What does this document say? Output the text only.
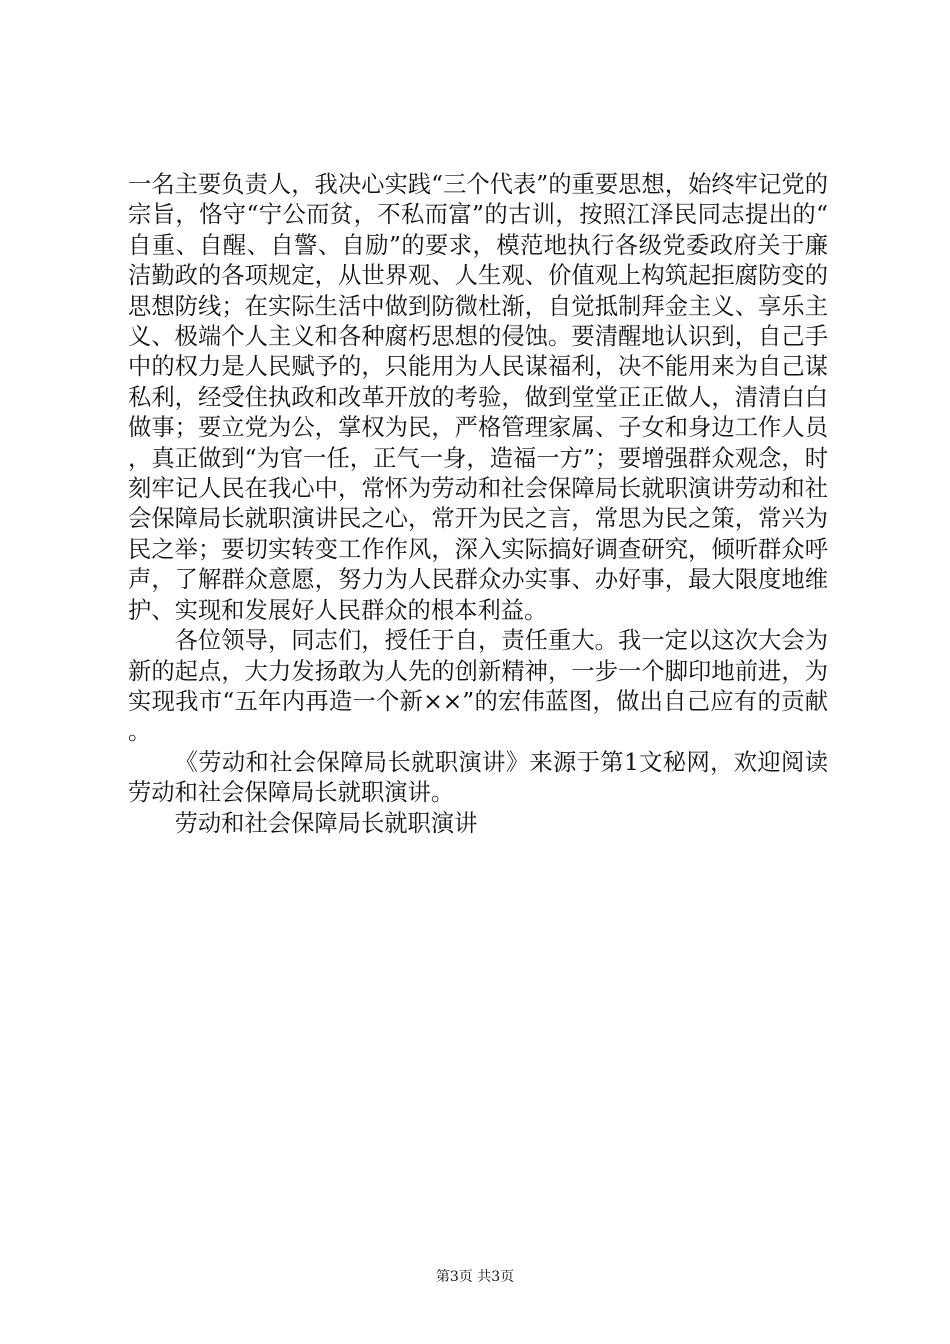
一名主要负责人，我决心实践“三个代表”的重要思想，始终牢记党的宗旨，恪守“宁公而贫，不私而富”的古训，按照江泽民同志提出的“自重、自醒、自警、自励”的要求，模范地执行各级党委政府关于廉洁勤政的各项规定，从世界观、人生观、价值观上构筑起拒腐防变的思想防线；在实际生活中做到防微杜渐，自觉抵制拜金主义、享乐主义、极端个人主义和各种腐朽思想的侵蚀。要清醒地认识到，自己手中的权力是人民赋予的，只能用为人民谋福利，决不能用来为自己谋私利，经受住执政和改革开放的考验，做到堂堂正正做人，清清白白做事；要立党为公，掌权为民，严格管理家属、子女和身边工作人员，真正做到“为官一任，正气一身，造福一方”；要增强群众观念，时刻牢记人民在我心中，常怀为劳动和社会保障局长就职演讲劳动和社会保障局长就职演讲民之心，常开为民之言，常思为民之策，常兴为民之举；要切实转变工作作风，深入实际搞好调查研究，倾听群众呼声，了解群众意愿，努力为人民群众办实事、办好事，最大限度地维护、实现和发展好人民群众的根本利益。

各位领导，同志们，授任于自，责任重大。我一定以这次大会为新的起点，大力发扬敢为人先的创新精神，一步一个脚印地前进，为实现我市“五年内再造一个新××”的宏伟蓝图，做出自己应有的贡献。

《劳动和社会保障局长就职演讲》来源于第1文秘网，欢迎阅读劳动和社会保障局长就职演讲。

劳动和社会保障局长就职演讲

第3页 共3页
